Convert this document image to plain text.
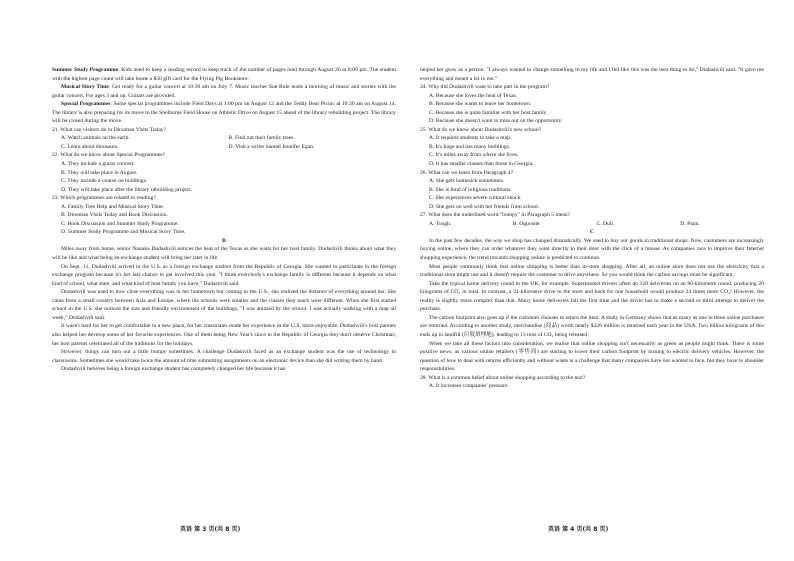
Summer Study Programme: Kids need to keep a reading record to keep track of the number of pages read through August 26 at 8:00 pm. The student with the highest page count will take home a $50 gift card for the Flying Pig Bookstore.

Musical Story Time: Get ready for a guitar concert at 10:30 am on July 7. Music teacher Sue Rule leads a morning of music and stories with the guitar concert. For ages 3 and up. Guitars are provided.

Special Programmes: Some special programmes include Field Days at 1:00 pm on August 12 and the Teddy Bear Picnic at 10:30 am on August 14. The library is also preparing for its move to the Shelburne Field House on Athletic Drive on August 15 ahead of the library rebuilding project. The library will be closed during the move.

21. What can visitors do in Dinoman Visits Today?
A. Watch animals on the earth.	B. Find out their family trees.
C. Learn about dinosaurs.	D. Visit a writer named Jennifer Egan.
22. What do we know about Special Programmes?
A. They include a guitar concert.
B. They will take place in August.
C. They include a course on buildings.
D. They will take place after the library rebuilding project.
23. Which programmes are related to reading?
A. Family Tree Help and Musical Story Time.
B. Dinoman Visits Today and Book Discussion.
C. Book Discussion and Summer Study Programme.
D. Summer Study Programme and Musical Story Time.
B

Miles away from home, senior Nanuka Dudashvili notices the heat of the Texas as she waits for her host family. Dudashvili thinks about what they will be like and what being an exchange student will bring her later in life.

On Sept. 11, Dudashvili arrived in the U.S. as a foreign exchange student from the Republic of Georgia. She wanted to participate in the foreign exchange program because it's her last chance to get involved this year. "I think everybody's exchange family is different because it depends on what kind of school, what state, and what kind of host family you have," Dudashvili said.

Dudashvili was used to how close everything was in her hometown but coming to the U.S., she realized the distance of everything around her. She came from a small country between Asia and Europe, where the schools were smaller and the classes they teach were different. When she first started school in the U.S. she noticed the size and friendly environment of the buildings. "I was amazed by the school. I was actually walking with a map all week," Dudashvili said.

It wasn't hard for her to get comfortable in a new place, for her classmates made her experience in the U.S. more enjoyable. Dudashvili's host parents also helped her develop some of her favorite experiences. One of them being New Year's since in the Republic of Georgia they don't observe Christmas, her host parents celebrated all of the traditions for the holidays.

However, things can turn out a little bumpy sometimes. A challenge Dudashvili faced as an exchange student was the use of technology in classrooms. Sometimes she would take twice the amount of time submitting assignments on an electronic device than she did writing them by hand.

Dudashvili believes being a foreign exchange student has completely changed her life because it has

helped her grow as a person. "I always wanted to change something in my life and I felt like this was the best thing to do," Dudashvili said. "It gave me everything and meant a lot to me."

24. Why did Dudashvili want to take part in the program?
A. Because she loves the heat of Texas.
B. Because she wants to leave her hometown.
C. Because she is quite familiar with her host family.
D. Because she doesn't want to miss out on the opportunity.
25. What do we know about Dudashvili's new school?
A. It requires students to take a map.
B. It's huge and has many buildings.
C. It's miles away from where she lives.
D. It has smaller classes than those in Georgia.
26. What can we learn from Paragraph 4?
A. She gets homesick sometimes.
B. She is fond of religious traditions.
C. She experiences severe cultural shock.
D. She gets on well with her friends from school.
27. What does the underlined word "bumpy" in Paragraph 5 mean?
A. Tough.	B. Opposite.	C. Dull.	D. Plain.
C

In the past few decades, the way we shop has changed dramatically. We used to buy our goods in traditional shops. Now, customers are increasingly buying online, where they can order whatever they want directly to their door with the click of a mouse. As companies race to improve their Internet shopping experience, the trend towards shopping online is predicted to continue.

Most people commonly think that online shopping is better than in-store shopping. After all, an online store does not use the electricity that a traditional store might use and it doesn't require the customer to drive anywhere. So you would think the carbon savings must be significant.

Take the typical home delivery round in the UK, for example. Supermarket drivers often do 120 deliveries on an 80-kilometre round, producing 20 kilograms of CO₂ in total. In contrast, a 21-kilometre drive to the store and back for one household would produce 24 times more CO₂! However, the reality is slightly more complex than that. Many home deliveries fall the first time and the driver has to make a second or third attempt to deliver the purchase.

The carbon footprint also goes up if the customer chooses to return the item. A study in Germany shows that as many as one in three online purchases are returned. According to another study, merchandise (商品) worth nearly $326 million is returned each year in the USA. Two billion kilograms of this ends up in landfill (垃圾填埋地), leading to 13 tons of CO₂ being released.

When we take all these factors into consideration, we realise that online shopping isn't necessarily as green as people might think. There is some positive news, as various online retailers (零售商) are starting to lower their carbon footprint by turning to electric delivery vehicles. However, the question of how to deal with returns efficiently and without waste is a challenge that many companies have not wanted to face, but they have to shoulder responsibilities.

28. What is a common belief about online shopping according to the text?
A. It increases companies' pressure.
英语 第 3 页(共 8 页)	英语 第 4 页(共 8 页)
